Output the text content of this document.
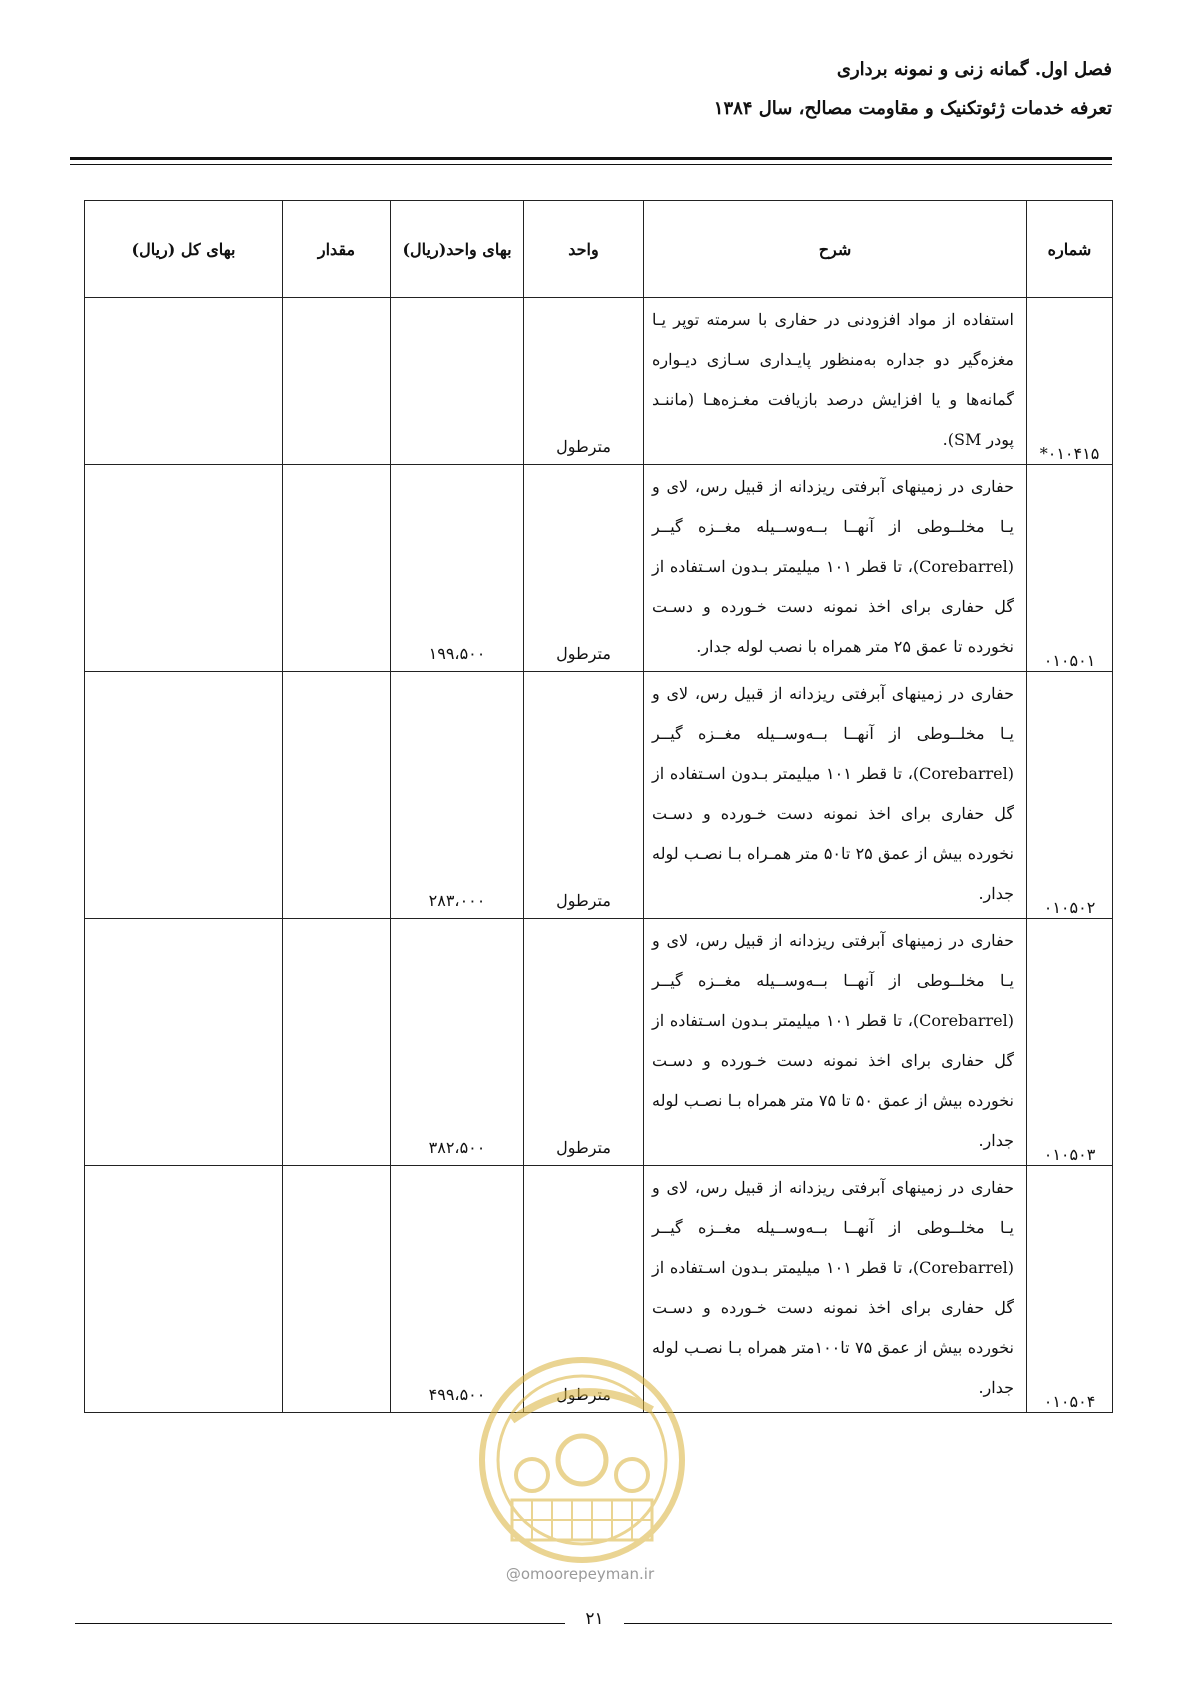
فصل اول. گمانه زنی و نمونه برداری
تعرفه خدمات ژئوتکنیک و مقاومت مصالح، سال ۱۳۸۴
شماره	شرح	واحد	بهای واحد(ریال)	مقدار	بهای کل (ریال)
*۰۱۰۴۱۵	استفاده از مواد افزودنی در حفاری با سرمته توپر یـا مغزه‌گیر دو جداره به‌منظور پایـداری سـازی دیـواره گمانه‌ها و یا افزایش درصد بازیافت مغـزه‌هـا (ماننـد پودر SM).	مترطول			
۰۱۰۵۰۱	حفاری در زمینهای آبرفتی ریزدانه از قبیل رس، لای و یـا مخلــوطی از آنهــا بــه‌وســیله مغــزه گیــر (Corebarrel)، تا قطر ۱۰۱ میلیمتر بـدون اسـتفاده از گل حفاری برای اخذ نمونه دست خـورده و دسـت نخورده تا عمق ۲۵ متر همراه با نصب لوله جدار.	مترطول	۱۹۹،۵۰۰		
۰۱۰۵۰۲	حفاری در زمینهای آبرفتی ریزدانه از قبیل رس، لای و یـا مخلــوطی از آنهــا بــه‌وســیله مغــزه گیــر (Corebarrel)، تا قطر ۱۰۱ میلیمتر بـدون اسـتفاده از گل حفاری برای اخذ نمونه دست خـورده و دسـت نخورده بیش از عمق ۲۵ تا۵۰ متر همـراه بـا نصـب لوله جدار.	مترطول	۲۸۳،۰۰۰		
۰۱۰۵۰۳	حفاری در زمینهای آبرفتی ریزدانه از قبیل رس، لای و یـا مخلــوطی از آنهــا بــه‌وســیله مغــزه گیــر (Corebarrel)، تا قطر ۱۰۱ میلیمتر بـدون اسـتفاده از گل حفاری برای اخذ نمونه دست خـورده و دسـت نخورده بیش از عمق ۵۰ تا ۷۵ متر همراه بـا نصـب لوله جدار.	مترطول	۳۸۲،۵۰۰		
۰۱۰۵۰۴	حفاری در زمینهای آبرفتی ریزدانه از قبیل رس، لای و یـا مخلــوطی از آنهــا بــه‌وســیله مغــزه گیــر (Corebarrel)، تا قطر ۱۰۱ میلیمتر بـدون اسـتفاده از گل حفاری برای اخذ نمونه دست خـورده و دسـت نخورده بیش از عمق ۷۵ تا۱۰۰متر همراه بـا نصـب لوله جدار.	مترطول	۴۹۹،۵۰۰		
@omoorepeyman.ir
۲۱
